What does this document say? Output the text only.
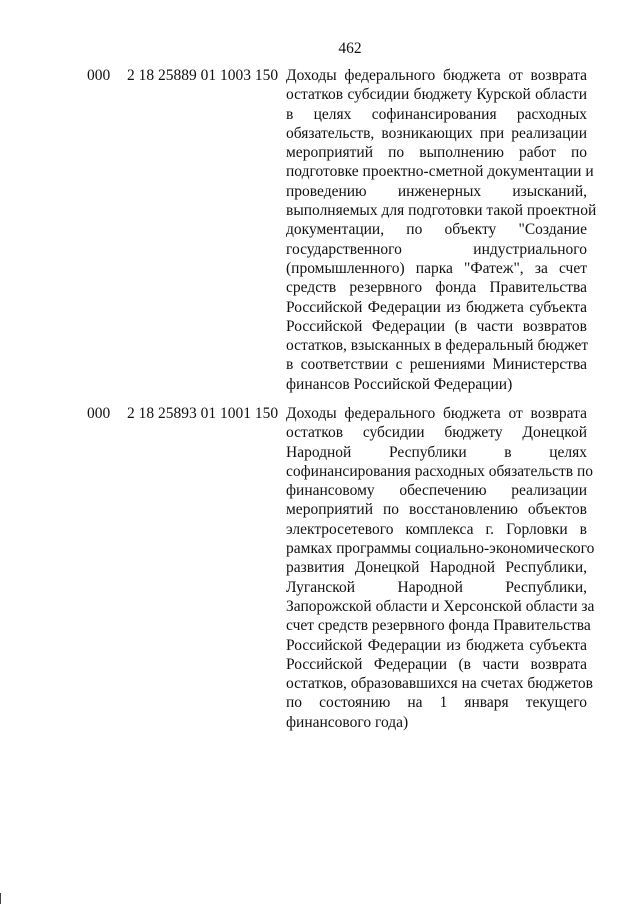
462
000 2 18 25889 01 1003 150 Доходы федерального бюджета от возврата
остатков субсидии бюджету Курской области
в целях софинансирования расходных
обязательств, возникающих при реализации
мероприятий по выполнению работ по
подготовке проектно-сметной документации и
проведению инженерных изысканий,
выполняемых для подготовки такой проектной
документации, по объекту "Создание
государственного индустриального
(промышленного) парка "Фатеж", за счет
средств резервного фонда Правительства
Российской Федерации из бюджета субъекта
Российской Федерации (в части возвратов
остатков, взысканных в федеральный бюджет
в соответствии с решениями Министерства
финансов Российской Федерации)
000 2 18 25893 01 1001 150 Доходы федерального бюджета от возврата
остатков субсидии бюджету Донецкой
Народной Республики в целях
софинансирования расходных обязательств по
финансовому обеспечению реализации
мероприятий по восстановлению объектов
электросетевого комплекса г. Горловки в
рамках программы социально-экономического
развития Донецкой Народной Республики,
Луганской Народной Республики,
Запорожской области и Херсонской области за
счет средств резервного фонда Правительства
Российской Федерации из бюджета субъекта
Российской Федерации (в части возврата
остатков, образовавшихся на счетах бюджетов
по состоянию на 1 января текущего
финансового года)
